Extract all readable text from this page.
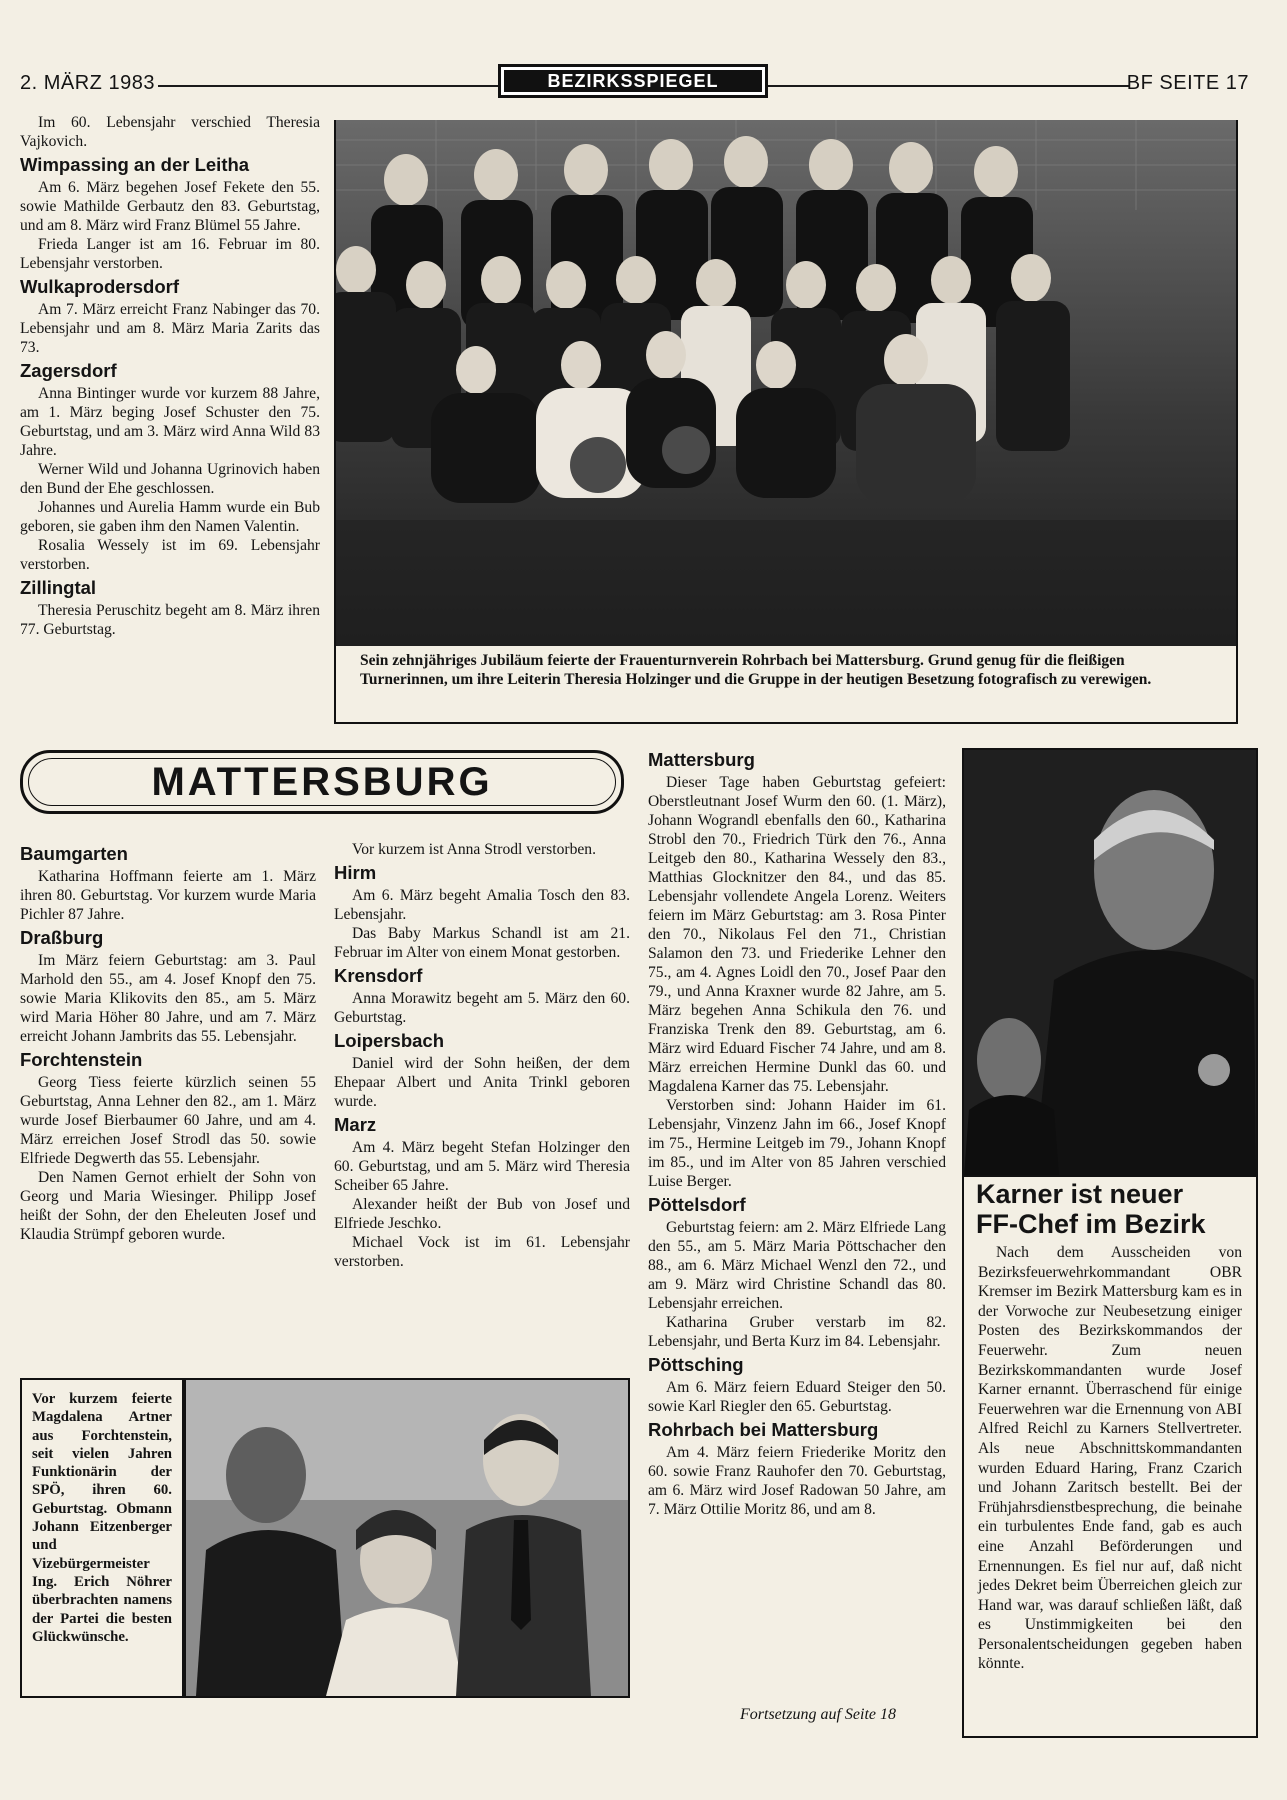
2. MÄRZ 1983	BEZIRKSSPIEGEL	BF SEITE 17

Im 60. Lebensjahr verschied Theresia Vajkovich.

Wimpassing an der Leitha

Am 6. März begehen Josef Fekete den 55. sowie Mathilde Gerbautz den 83. Geburtstag, und am 8. März wird Franz Blümel 55 Jahre.

Frieda Langer ist am 16. Februar im 80. Lebensjahr verstorben.

Wulkaprodersdorf

Am 7. März erreicht Franz Nabinger das 70. Lebensjahr und am 8. März Maria Zarits das 73.

Zagersdorf

Anna Bintinger wurde vor kurzem 88 Jahre, am 1. März beging Josef Schuster den 75. Geburtstag, und am 3. März wird Anna Wild 83 Jahre.

Werner Wild und Johanna Ugrinovich haben den Bund der Ehe geschlossen.

Johannes und Aurelia Hamm wurde ein Bub geboren, sie gaben ihm den Namen Valentin.

Rosalia Wessely ist im 69. Lebensjahr verstorben.

Zillingtal

Theresia Peruschitz begeht am 8. März ihren 77. Geburtstag.

Sein zehnjähriges Jubiläum feierte der Frauenturnverein Rohrbach bei Mattersburg. Grund genug für die fleißigen Turnerinnen, um ihre Leiterin Theresia Holzinger und die Gruppe in der heutigen Besetzung fotografisch zu verewigen.
MATTERSBURG
Baumgarten

Katharina Hoffmann feierte am 1. März ihren 80. Geburtstag. Vor kurzem wurde Maria Pichler 87 Jahre.

Draßburg

Im März feiern Geburtstag: am 3. Paul Marhold den 55., am 4. Josef Knopf den 75. sowie Maria Klikovits den 85., am 5. März wird Maria Höher 80 Jahre, und am 7. März erreicht Johann Jambrits das 55. Lebensjahr.

Forchtenstein

Georg Tiess feierte kürzlich seinen 55 Geburtstag, Anna Lehner den 82., am 1. März wurde Josef Bierbaumer 60 Jahre, und am 4. März erreichen Josef Strodl das 50. sowie Elfriede Degwerth das 55. Lebensjahr.

Den Namen Gernot erhielt der Sohn von Georg und Maria Wiesinger. Philipp Josef heißt der Sohn, der den Eheleuten Josef und Klaudia Strümpf geboren wurde.

Vor kurzem ist Anna Strodl verstorben.

Hirm

Am 6. März begeht Amalia Tosch den 83. Lebensjahr.

Das Baby Markus Schandl ist am 21. Februar im Alter von einem Monat gestorben.

Krensdorf

Anna Morawitz begeht am 5. März den 60. Geburtstag.

Loipersbach

Daniel wird der Sohn heißen, der dem Ehepaar Albert und Anita Trinkl geboren wurde.

Marz

Am 4. März begeht Stefan Holzinger den 60. Geburtstag, und am 5. März wird Theresia Scheiber 65 Jahre.

Alexander heißt der Bub von Josef und Elfriede Jeschko.

Michael Vock ist im 61. Lebensjahr verstorben.

Mattersburg

Dieser Tage haben Geburtstag gefeiert: Oberstleutnant Josef Wurm den 60. (1. März), Johann Wograndl ebenfalls den 60., Katharina Strobl den 70., Friedrich Türk den 76., Anna Leitgeb den 80., Katharina Wessely den 83., Matthias Glocknitzer den 84., und das 85. Lebensjahr vollendete Angela Lorenz. Weiters feiern im März Geburtstag: am 3. Rosa Pinter den 70., Nikolaus Fel den 71., Christian Salamon den 73. und Friederike Lehner den 75., am 4. Agnes Loidl den 70., Josef Paar den 79., und Anna Kraxner wurde 82 Jahre, am 5. März begehen Anna Schikula den 76. und Franziska Trenk den 89. Geburtstag, am 6. März wird Eduard Fischer 74 Jahre, und am 8. März erreichen Hermine Dunkl das 60. und Magdalena Karner das 75. Lebensjahr.

Verstorben sind: Johann Haider im 61. Lebensjahr, Vinzenz Jahn im 66., Josef Knopf im 75., Hermine Leitgeb im 79., Johann Knopf im 85., und im Alter von 85 Jahren verschied Luise Berger.

Pöttelsdorf

Geburtstag feiern: am 2. März Elfriede Lang den 55., am 5. März Maria Pöttschacher den 88., am 6. März Michael Wenzl den 72., und am 9. März wird Christine Schandl das 80. Lebensjahr erreichen.

Katharina Gruber verstarb im 82. Lebensjahr, und Berta Kurz im 84. Lebensjahr.

Pöttsching

Am 6. März feiern Eduard Steiger den 50. sowie Karl Riegler den 65. Geburtstag.

Rohrbach bei Mattersburg

Am 4. März feiern Friederike Moritz den 60. sowie Franz Rauhofer den 70. Geburtstag, am 6. März wird Josef Radowan 50 Jahre, am 7. März Ottilie Moritz 86, und am 8.

Fortsetzung auf Seite 18
Vor kurzem feierte Magdalena Artner aus Forchtenstein, seit vielen Jahren Funktionärin der SPÖ, ihren 60. Geburtstag. Obmann Johann Eitzenberger und Vizebürgermeister Ing. Erich Nöhrer überbrachten namens der Partei die besten Glückwünsche.
Karner ist neuer
FF-Chef im Bezirk

Nach dem Ausscheiden von Bezirksfeuerwehrkommandant OBR Kremser im Bezirk Mattersburg kam es in der Vorwoche zur Neubesetzung einiger Posten des Bezirkskommandos der Feuerwehr. Zum neuen Bezirkskommandanten wurde Josef Karner ernannt. Überraschend für einige Feuerwehren war die Ernennung von ABI Alfred Reichl zu Karners Stellvertreter. Als neue Abschnittskommandanten wurden Eduard Haring, Franz Czarich und Johann Zaritsch bestellt. Bei der Frühjahrsdienstbesprechung, die beinahe ein turbulentes Ende fand, gab es auch eine Anzahl Beförderungen und Ernennungen. Es fiel nur auf, daß nicht jedes Dekret beim Überreichen gleich zur Hand war, was darauf schließen läßt, daß es Unstimmigkeiten bei den Personalentscheidungen gegeben haben könnte.
